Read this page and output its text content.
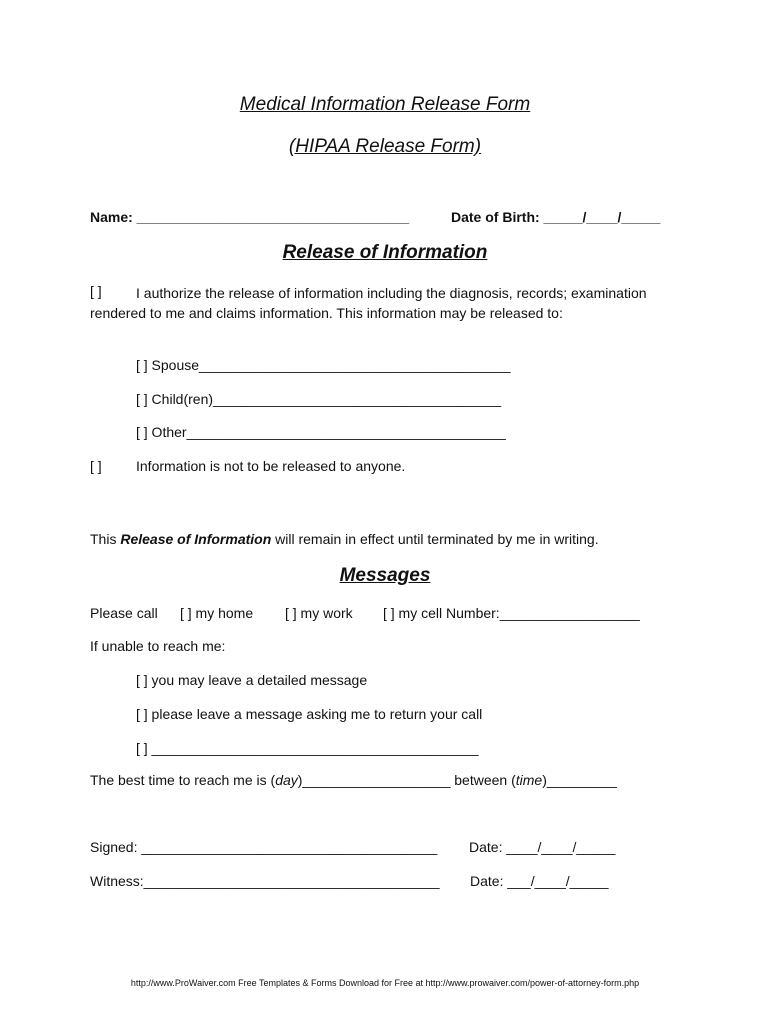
Medical Information Release Form
(HIPAA Release Form)
Name: ___________________________________	Date of Birth: _____/____/_____
Release of Information
[ ]	I authorize the release of information including the diagnosis, records; examination rendered to me and claims information. This information may be released to:
[ ] Spouse________________________________________
[ ] Child(ren)_____________________________________
[ ] Other_________________________________________
[ ] Information is not to be released to anyone.
This Release of Information will remain in effect until terminated by me in writing.
Messages
Please call [ ] my home [ ] my work [ ] my cell Number:__________________
If unable to reach me:
[ ] you may leave a detailed message
[ ] please leave a message asking me to return your call
[ ] __________________________________________
The best time to reach me is (day)___________________ between (time)_________
Signed: ______________________________________ Date: ____/____/_____
Witness:______________________________________ Date: ___/____/_____
http://www.ProWaiver.com Free Templates & Forms Download for Free at http://www.prowaiver.com/power-of-attorney-form.php
